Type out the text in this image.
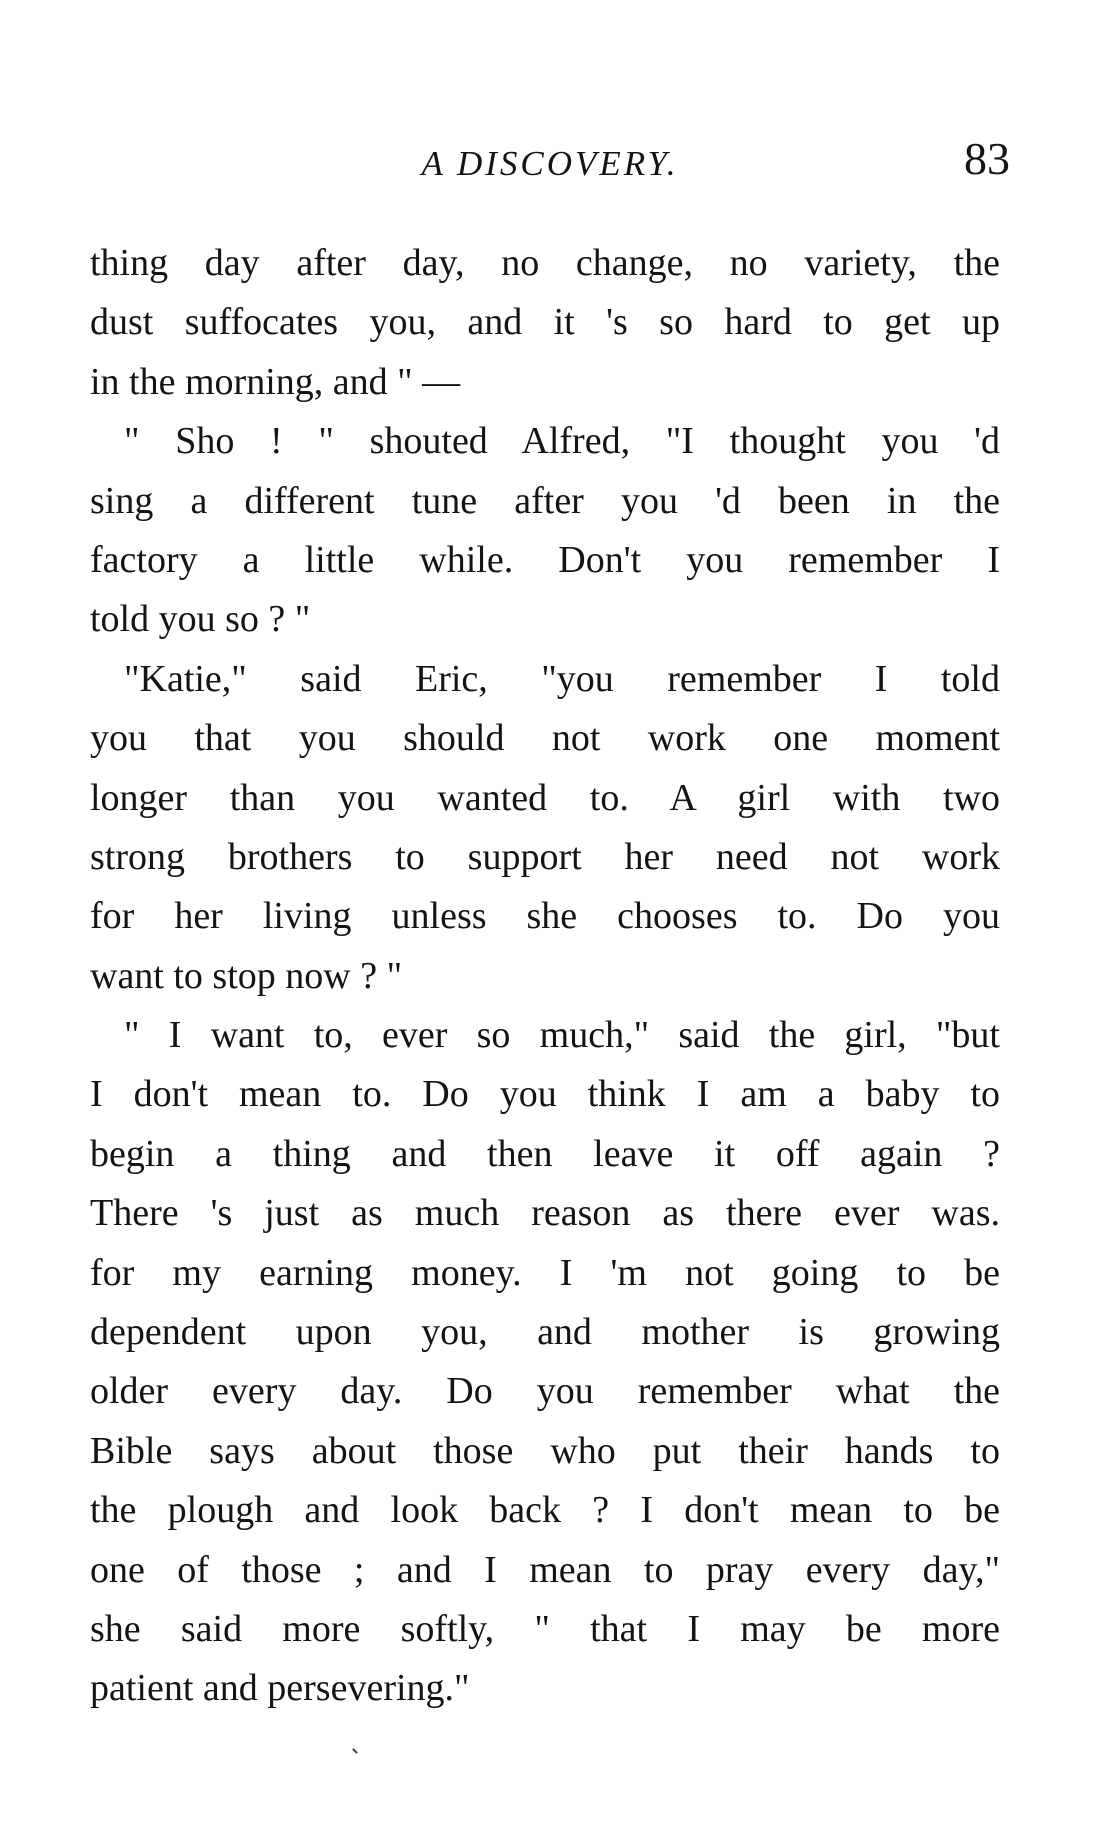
A DISCOVERY.	83
thing day after day, no change, no variety, the
dust suffocates you, and it 's so hard to get up
in the morning, and " —
" Sho ! " shouted Alfred, "I thought you 'd
sing a different tune after you 'd been in the
factory a little while. Don't you remember I
told you so ? "
"Katie," said Eric, "you remember I told
you that you should not work one moment
longer than you wanted to. A girl with two
strong brothers to support her need not work
for her living unless she chooses to. Do you
want to stop now ? "
" I want to, ever so much," said the girl, "but
I don't mean to. Do you think I am a baby to
begin a thing and then leave it off again ?
There 's just as much reason as there ever was.
for my earning money. I 'm not going to be
dependent upon you, and mother is growing
older every day. Do you remember what the
Bible says about those who put their hands to
the plough and look back ? I don't mean to be
one of those ; and I mean to pray every day,"
she said more softly, " that I may be more
patient and persevering."
